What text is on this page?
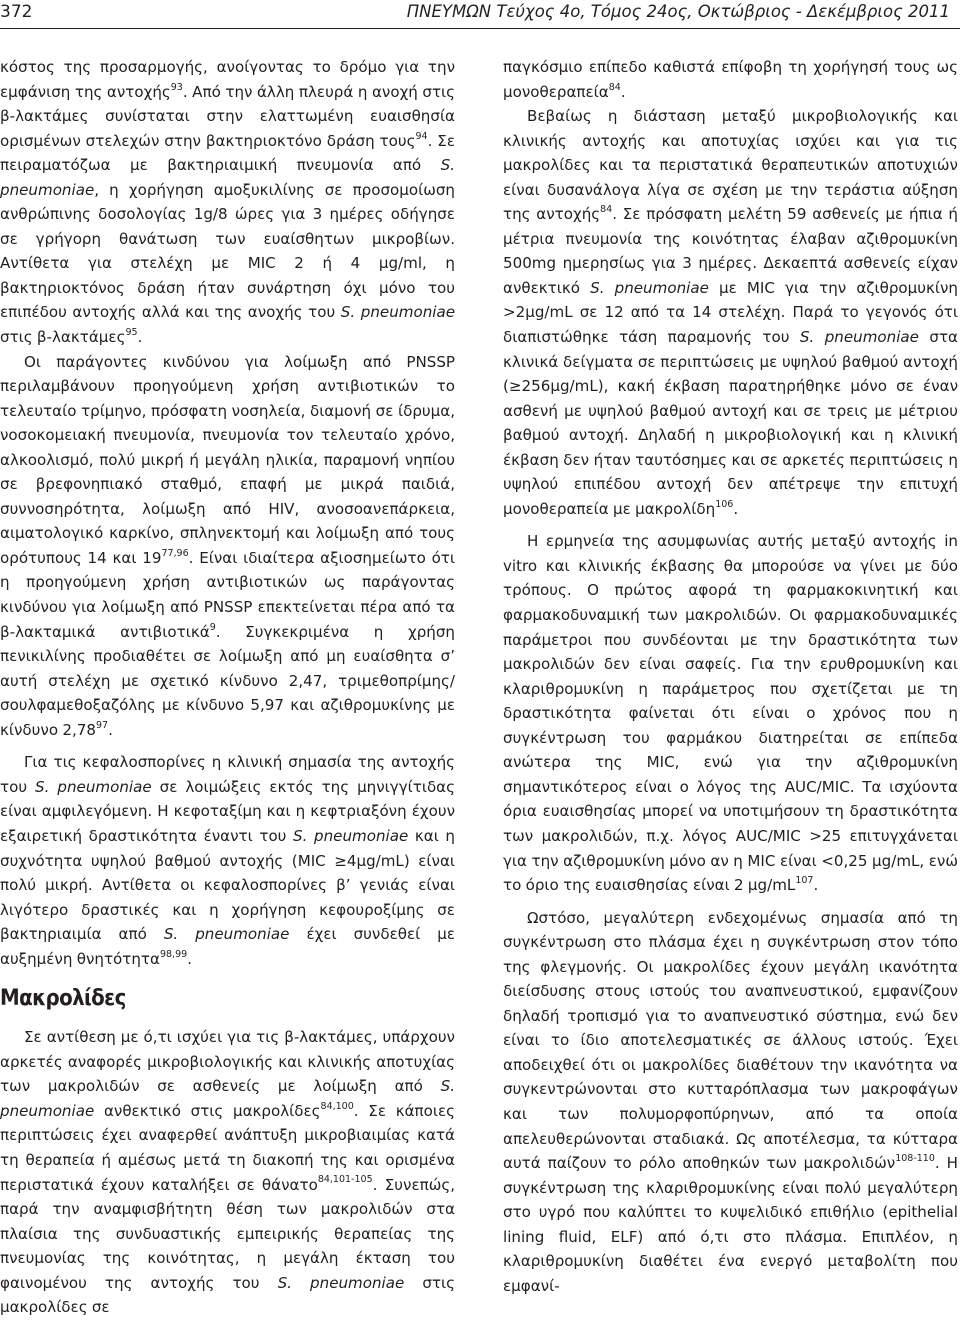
372	ΠΝΕΥΜΩΝ Τεύχος 4ο, Τόμος 24ος, Οκτώβριος - Δεκέμβριος 2011

κόστος της προσαρμογής, ανοίγοντας το δρόμο για την εμφάνιση της αντοχής$^{93}$. Από την άλλη πλευρά η ανοχή στις β-λακτάμες συνίσταται στην ελαττωμένη ευαισθησία ορισμένων στελεχών στην βακτηριοκτόνο δράση τους$^{94}$. Σε πειραματόζωα με βακτηριαιμική πνευμονία από S. pneumoniae, η χορήγηση αμοξυκιλίνης σε προσομοίωση ανθρώπινης δοσολογίας 1g/8 ώρες για 3 ημέρες οδήγησε σε γρήγορη θανάτωση των ευαίσθητων μικροβίων. Αντίθετα για στελέχη με MIC 2 ή 4 μg/ml, η βακτηριοκτόνος δράση ήταν συνάρτηση όχι μόνο του επιπέδου αντοχής αλλά και της ανοχής του S. pneumoniae στις β-λακτάμες$^{95}$.

Οι παράγοντες κινδύνου για λοίμωξη από PNSSP περιλαμβάνουν προηγούμενη χρήση αντιβιοτικών το τελευταίο τρίμηνο, πρόσφατη νοσηλεία, διαμονή σε ίδρυμα, νοσοκομειακή πνευμονία, πνευμονία τον τελευταίο χρόνο, αλκοολισμό, πολύ μικρή ή μεγάλη ηλικία, παραμονή νηπίου σε βρεφονηπιακό σταθμό, επαφή με μικρά παιδιά, συννοσηρότητα, λοίμωξη από HIV, ανοσοανεπάρκεια, αιματολογικό καρκίνο, σπληνεκτομή και λοίμωξη από τους ορότυπους 14 και 19$^{77,96}$. Είναι ιδιαίτερα αξιοσημείωτο ότι η προηγούμενη χρήση αντιβιοτικών ως παράγοντας κινδύνου για λοίμωξη από PNSSP επεκτείνεται πέρα από τα β-λακταμικά αντιβιοτικά$^9$. Συγκεκριμένα η χρήση πενικιλίνης προδιαθέτει σε λοίμωξη από μη ευαίσθητα σ’ αυτή στελέχη με σχετικό κίνδυνο 2,47, τριμεθοπρίμης/σουλφαμεθοξαζόλης με κίνδυνο 5,97 και αζιθρομυκίνης με κίνδυνο 2,78$^{97}$.

Για τις κεφαλοσπορίνες η κλινική σημασία της αντοχής του S. pneumoniae σε λοιμώξεις εκτός της μηνιγγίτιδας είναι αμφιλεγόμενη. Η κεφοταξίμη και η κεφτριαξόνη έχουν εξαιρετική δραστικότητα έναντι του S. pneumoniae και η συχνότητα υψηλού βαθμού αντοχής (MIC ≥4μg/mL) είναι πολύ μικρή. Αντίθετα οι κεφαλοσπορίνες β’ γενιάς είναι λιγότερο δραστικές και η χορήγηση κεφουροξίμης σε βακτηριαιμία από S. pneumoniae έχει συνδεθεί με αυξημένη θνητότητα$^{98,99}$.

Μακρολίδες

Σε αντίθεση με ό,τι ισχύει για τις β-λακτάμες, υπάρχουν αρκετές αναφορές μικροβιολογικής και κλινικής αποτυχίας των μακρολιδών σε ασθενείς με λοίμωξη από S. pneumoniae ανθεκτικό στις μακρολίδες$^{84,100}$. Σε κάποιες περιπτώσεις έχει αναφερθεί ανάπτυξη μικροβιαιμίας κατά τη θεραπεία ή αμέσως μετά τη διακοπή της και ορισμένα περιστατικά έχουν καταλήξει σε θάνατο$^{84,101-105}$. Συνεπώς, παρά την αναμφισβήτητη θέση των μακρολιδών στα πλαίσια της συνδυαστικής εμπειρικής θεραπείας της πνευμονίας της κοινότητας, η μεγάλη έκταση του φαινομένου της αντοχής του S. pneumoniae στις μακρολίδες σε

παγκόσμιο επίπεδο καθιστά επίφοβη τη χορήγησή τους ως μονοθεραπεία$^{84}$.

Βεβαίως η διάσταση μεταξύ μικροβιολογικής και κλινικής αντοχής και αποτυχίας ισχύει και για τις μακρολίδες και τα περιστατικά θεραπευτικών αποτυχιών είναι δυσανάλογα λίγα σε σχέση με την τεράστια αύξηση της αντοχής$^{84}$. Σε πρόσφατη μελέτη 59 ασθενείς με ήπια ή μέτρια πνευμονία της κοινότητας έλαβαν αζιθρομυκίνη 500mg ημερησίως για 3 ημέρες. Δεκαεπτά ασθενείς είχαν ανθεκτικό S. pneumoniae με MIC για την αζιθρομυκίνη >2μg/mL σε 12 από τα 14 στελέχη. Παρά το γεγονός ότι διαπιστώθηκε τάση παραμονής του S. pneumoniae στα κλινικά δείγματα σε περιπτώσεις με υψηλού βαθμού αντοχή (≥256μg/mL), κακή έκβαση παρατηρήθηκε μόνο σε έναν ασθενή με υψηλού βαθμού αντοχή και σε τρεις με μέτριου βαθμού αντοχή. Δηλαδή η μικροβιολογική και η κλινική έκβαση δεν ήταν ταυτόσημες και σε αρκετές περιπτώσεις η υψηλού επιπέδου αντοχή δεν απέτρεψε την επιτυχή μονοθεραπεία με μακρολίδη$^{106}$.

Η ερμηνεία της ασυμφωνίας αυτής μεταξύ αντοχής in vitro και κλινικής έκβασης θα μπορούσε να γίνει με δύο τρόπους. Ο πρώτος αφορά τη φαρμακοκινητική και φαρμακοδυναμική των μακρολιδών. Οι φαρμακοδυναμικές παράμετροι που συνδέονται με την δραστικότητα των μακρολιδών δεν είναι σαφείς. Για την ερυθρομυκίνη και κλαριθρομυκίνη η παράμετρος που σχετίζεται με τη δραστικότητα φαίνεται ότι είναι ο χρόνος που η συγκέντρωση του φαρμάκου διατηρείται σε επίπεδα ανώτερα της MIC, ενώ για την αζιθρομυκίνη σημαντικότερος είναι ο λόγος της AUC/MIC. Τα ισχύοντα όρια ευαισθησίας μπορεί να υποτιμήσουν τη δραστικότητα των μακρολιδών, π.χ. λόγος AUC/MIC >25 επιτυγχάνεται για την αζιθρομυκίνη μόνο αν η MIC είναι <0,25 μg/mL, ενώ το όριο της ευαισθησίας είναι 2 $\mu g/mL^{107}$.

Ωστόσο, μεγαλύτερη ενδεχομένως σημασία από τη συγκέντρωση στο πλάσμα έχει η συγκέντρωση στον τόπο της φλεγμονής. Οι μακρολίδες έχουν μεγάλη ικανότητα διείσδυσης στους ιστούς του αναπνευστικού, εμφανίζουν δηλαδή τροπισμό για το αναπνευστικό σύστημα, ενώ δεν είναι το ίδιο αποτελεσματικές σε άλλους ιστούς. Έχει αποδειχθεί ότι οι μακρολίδες διαθέτουν την ικανότητα να συγκεντρώνονται στο κυτταρόπλασμα των μακροφάγων και των πολυμορφοπύρηνων, από τα οποία απελευθερώνονται σταδιακά. Ως αποτέλεσμα, τα κύτταρα αυτά παίζουν το ρόλο αποθηκών των μακρολιδών$^{108-110}$. Η συγκέντρωση της κλαριθρομυκίνης είναι πολύ μεγαλύτερη στο υγρό που καλύπτει το κυψελιδικό επιθήλιο (epithelial lining fluid, ELF) από ό,τι στο πλάσμα. Επιπλέον, η κλαριθρομυκίνη διαθέτει ένα ενεργό μεταβολίτη που εμφανί-
